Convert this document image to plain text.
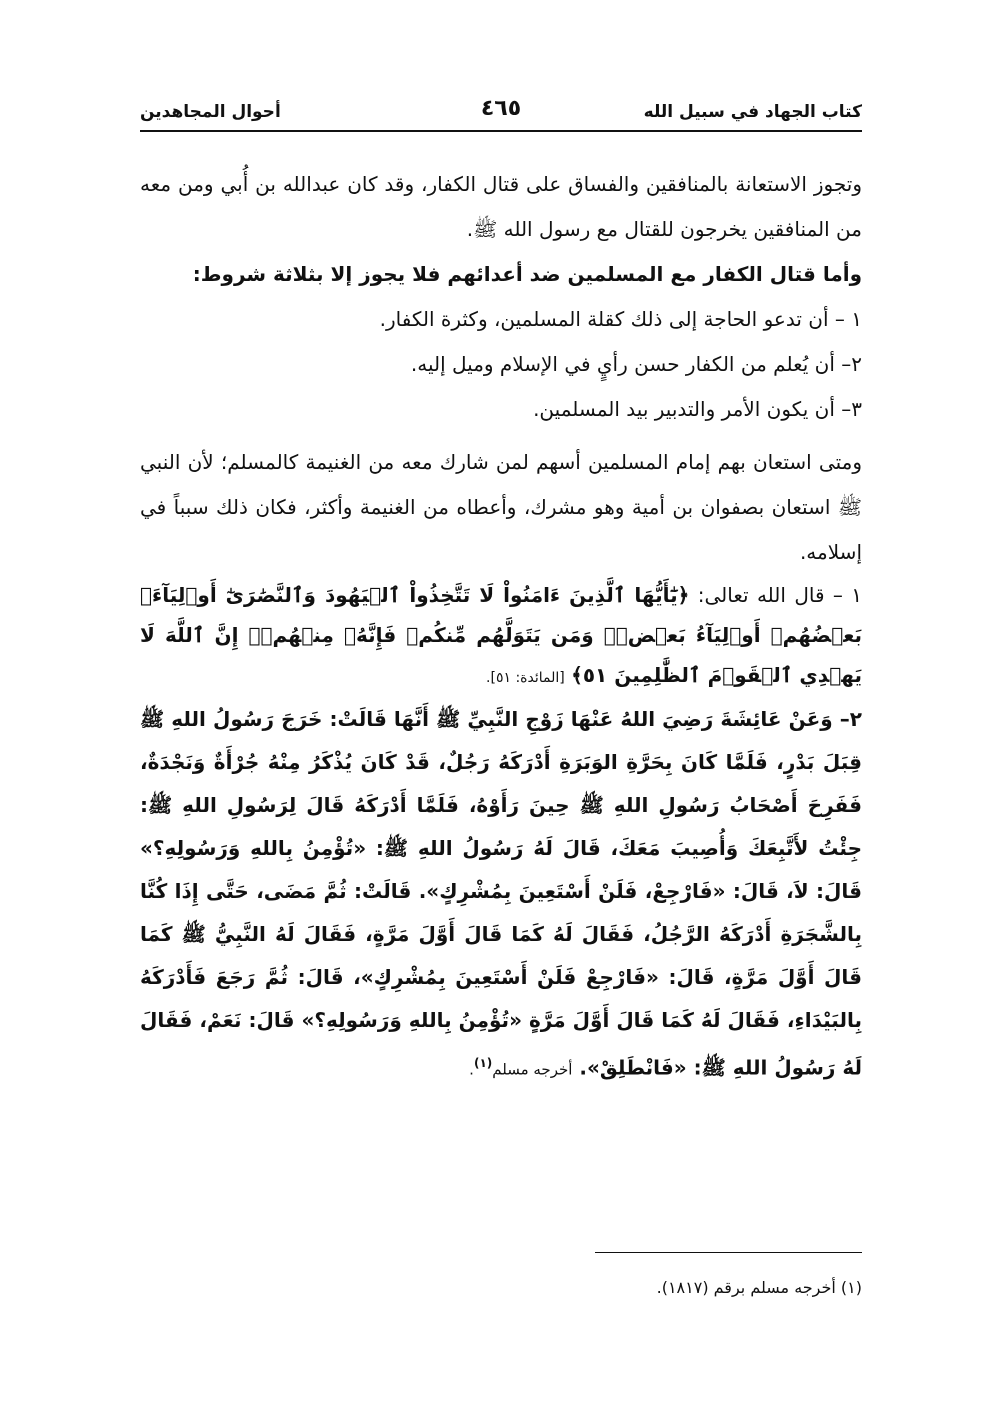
كتاب الجهاد في سبيل الله
٤٦٥
أحوال المجاهدين

وتجوز الاستعانة بالمنافقين والفساق على قتال الكفار، وقد كان عبدالله بن أُبي ومن معه من المنافقين يخرجون للقتال مع رسول الله ﷺ.

وأما قتال الكفار مع المسلمين ضد أعدائهم فلا يجوز إلا بثلاثة شروط:

١ – أن تدعو الحاجة إلى ذلك كقلة المسلمين، وكثرة الكفار.

٢– أن يُعلم من الكفار حسن رأيٍ في الإسلام وميل إليه.

٣– أن يكون الأمر والتدبير بيد المسلمين.

ومتى استعان بهم إمام المسلمين أسهم لمن شارك معه من الغنيمة كالمسلم؛ لأن النبي ﷺ استعان بصفوان بن أمية وهو مشرك، وأعطاه من الغنيمة وأكثر، فكان ذلك سبباً في إسلامه.

١ – قال الله تعالى: ﴿يَٰٓأَيُّهَا ٱلَّذِينَ ءَامَنُواْ لَا تَتَّخِذُواْ ٱلۡيَهُودَ وَٱلنَّصَٰرَىٰٓ أَوۡلِيَآءَۘ بَعۡضُهُمۡ أَوۡلِيَآءُ بَعۡضٖۚ وَمَن يَتَوَلَّهُم مِّنكُمۡ فَإِنَّهُۥ مِنۡهُمۡۗ إِنَّ ٱللَّهَ لَا يَهۡدِي ٱلۡقَوۡمَ ٱلظَّٰلِمِينَ ٥١﴾ [المائدة: ٥١].

٢– وَعَنْ عَائِشَةَ رَضِيَ اللهُ عَنْهَا زَوْجِ النَّبِيِّ ﷺ أَنَّهَا قَالَتْ: خَرَجَ رَسُولُ اللهِ ﷺ قِبَلَ بَدْرٍ، فَلَمَّا كَانَ بِحَرَّةِ الوَبَرَةِ أَدْرَكَهُ رَجُلٌ، قَدْ كَانَ يُذْكَرُ مِنْهُ جُرْأَةٌ وَنَجْدَةٌ، فَفَرِحَ أَصْحَابُ رَسُولِ اللهِ ﷺ حِينَ رَأَوْهُ، فَلَمَّا أَدْرَكَهُ قَالَ لِرَسُولِ اللهِ ﷺ: جِئْتُ لأَتَّبِعَكَ وَأُصِيبَ مَعَكَ، قَالَ لَهُ رَسُولُ اللهِ ﷺ: «تُؤْمِنُ بِاللهِ وَرَسُولِهِ؟» قَالَ: لاَ، قَالَ: «فَارْجِعْ، فَلَنْ أَسْتَعِينَ بِمُشْرِكٍ». قَالَتْ: ثُمَّ مَضَى، حَتَّى إِذَا كُنَّا بِالشَّجَرَةِ أَدْرَكَهُ الرَّجُلُ، فَقَالَ لَهُ كَمَا قَالَ أَوَّلَ مَرَّةٍ، فَقَالَ لَهُ النَّبِيُّ ﷺ كَمَا قَالَ أَوَّلَ مَرَّةٍ، قَالَ: «فَارْجِعْ فَلَنْ أَسْتَعِينَ بِمُشْرِكٍ»، قَالَ: ثُمَّ رَجَعَ فَأَدْرَكَهُ بِالبَيْدَاءِ، فَقَالَ لَهُ كَمَا قَالَ أَوَّلَ مَرَّةٍ «تُؤْمِنُ بِاللهِ وَرَسُولِهِ؟» قَالَ: نَعَمْ، فَقَالَ لَهُ رَسُولُ اللهِ ﷺ: «فَانْطَلِقْ». أخرجه مسلم$^{(١)}$.

(١) أخرجه مسلم برقم (١٨١٧).
